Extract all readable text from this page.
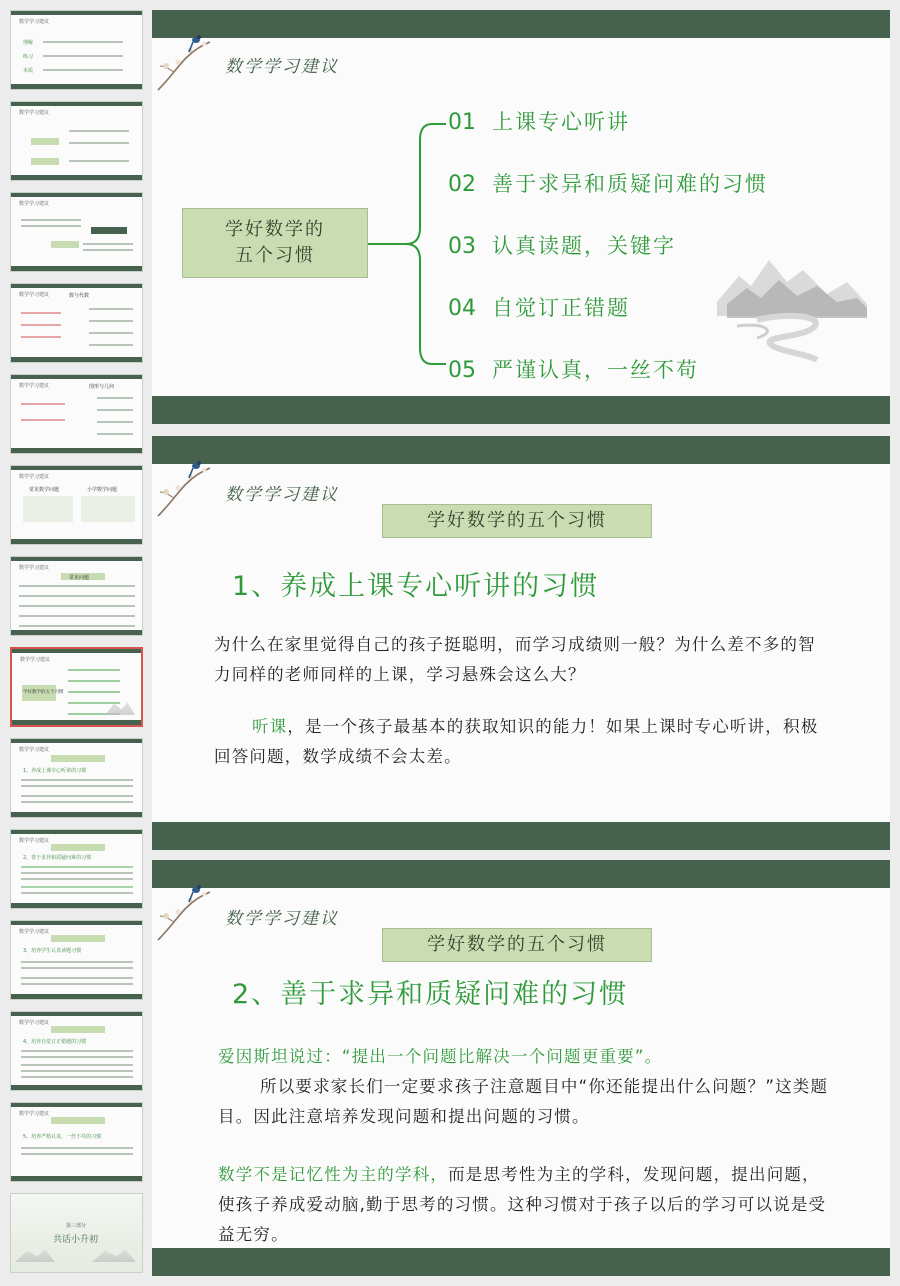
数学学习建议
理解
练习
本质
数学学习建议
数学学习建议
数学学习建议	数与代数
数学学习建议	图形与几何
数学学习建议
常见数学问题	小学数学问题
数学学习建议
常见问题
数学学习建议
学好数学的五个习惯
数学学习建议
1、养成上课专心听讲的习惯
数学学习建议
2、善于求异和质疑问难的习惯
数学学习建议
3、培养学生认真读题习惯
数学学习建议
4、培养自觉订正错题的习惯
数学学习建议
5、培养严格认真，一丝不苟的习惯
第三部分
共话小升初
数学学习建议
学好数学的
五个习惯
01 上课专心听讲
02 善于求异和质疑问难的习惯
03 认真读题，关键字
04 自觉订正错题
05 严谨认真，一丝不苟
数学学习建议
学好数学的五个习惯
1、养成上课专心听讲的习惯
为什么在家里觉得自己的孩子挺聪明，而学习成绩则一般？为什么差不多的智力同样的老师同样的上课，学习悬殊会这么大？
听课，是一个孩子最基本的获取知识的能力！如果上课时专心听讲，积极回答问题，数学成绩不会太差。
数学学习建议
学好数学的五个习惯
2、善于求异和质疑问难的习惯
爱因斯坦说过：“提出一个问题比解决一个问题更重要”。
所以要求家长们一定要求孩子注意题目中“你还能提出什么问题？”这类题目。因此注意培养发现问题和提出问题的习惯。
数学不是记忆性为主的学科，而是思考性为主的学科，发现问题，提出问题，使孩子养成爱动脑,勤于思考的习惯。这种习惯对于孩子以后的学习可以说是受益无穷。
